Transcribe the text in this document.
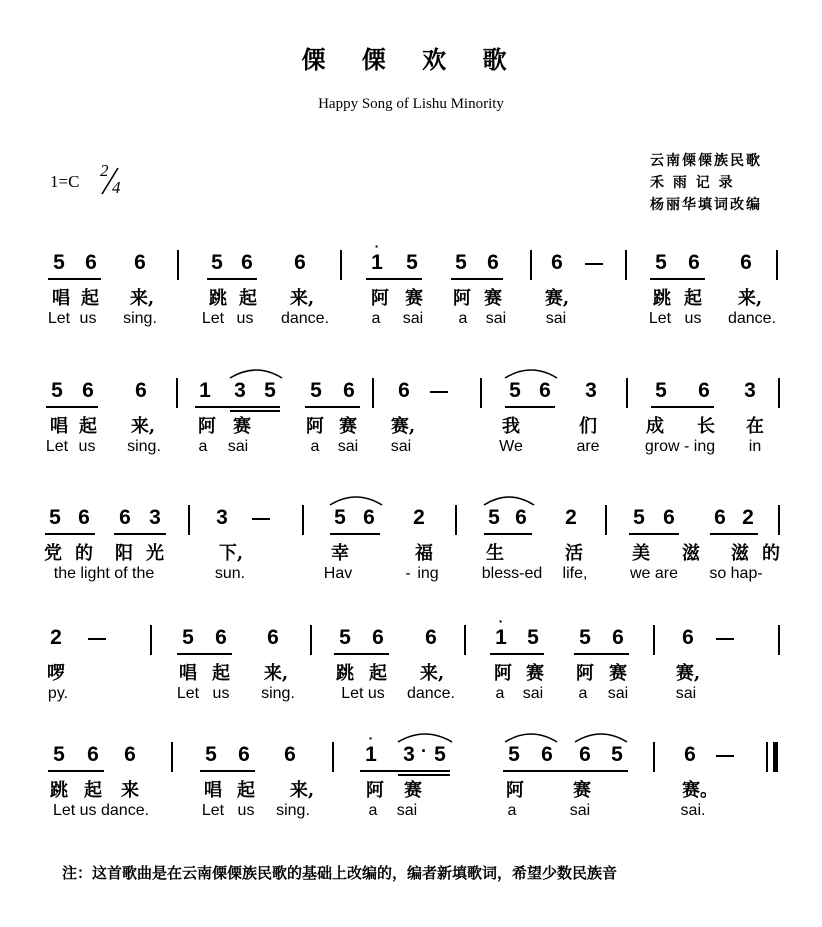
傈 傈 欢 歌
Happy Song of Lishu Minority
云南傈傈族民歌
禾 雨 记 录
杨丽华填词改编
1=C
2
4
5 6 6	5 6 6
·
1 5 5 6 6	5 6 6
唱 起 来,	跳 起 来,	阿 赛 阿 赛 赛,	跳 起 来,
Let us sing.	Let us dance.	a sai a sai sai	Let us dance.
5 6 6 1 3 5 5 6 6	5 6 3	5 6 3
唱 起 来, 阿 赛	阿 赛 赛,	我	们	成 长 在
Let us sing. a sai	a sai sai	We	are	grow - ing in
5 6 6 3	3	5 6 2	5 6 2	5 6 6 2
党 的 阳 光	下,	幸	福	生	活	美 滋 滋 的
the light of the	sun.	Hav	- ing	bless-ed life,	we are so hap-
2	5 6 6	5 6 6
·
1 5 5 6	6
啰	唱 起 来,	跳 起 来,	阿 赛 阿 赛	赛,
py.	Let us sing.	Let us dance.	a sai a sai	sai
5 6 6	5 6 6
·
1 3 · 5	5 6 6 5	6
跳 起 来	唱 起 来,	阿 赛	阿	赛	赛。
Let us dance.	Let us sing.	a sai	a	sai	sai.
注：这首歌曲是在云南傈傈族民歌的基础上改编的，编者新填歌词，希望少数民族音
